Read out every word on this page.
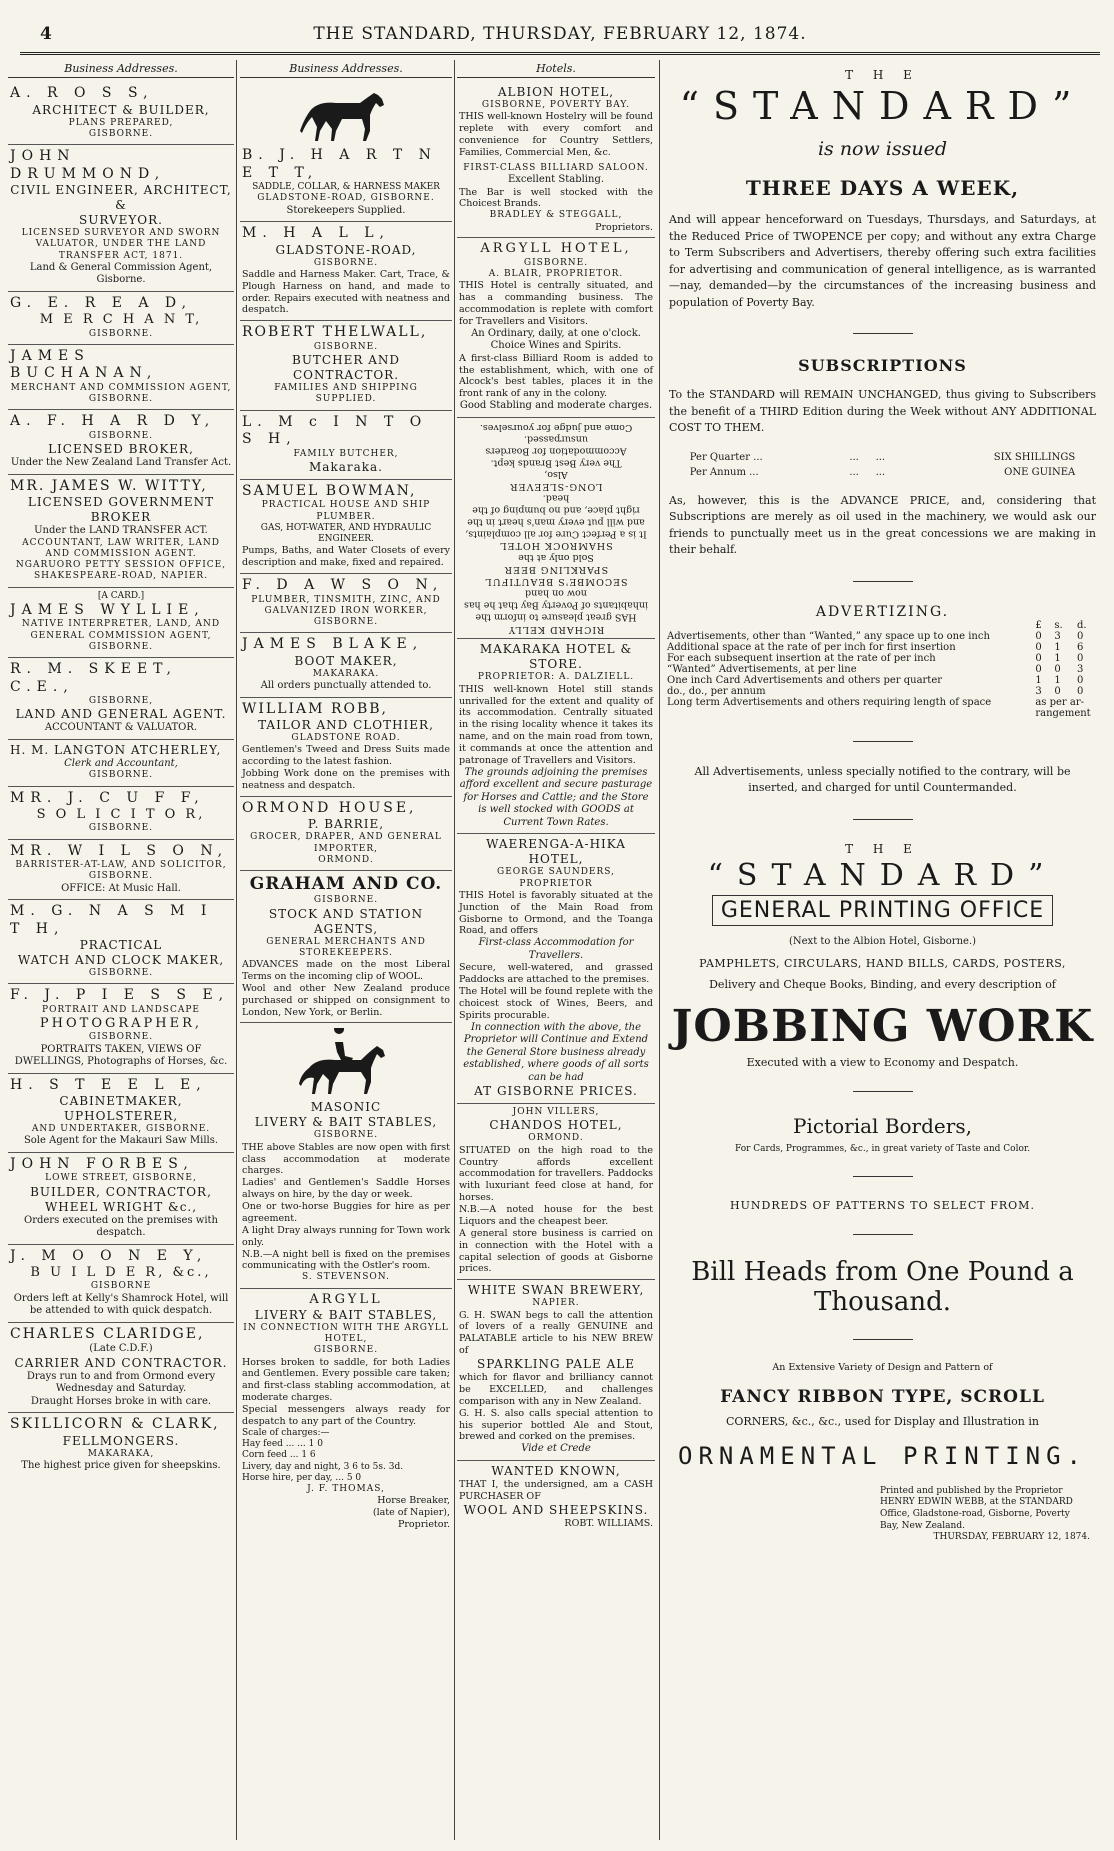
4	THE STANDARD, THURSDAY, FEBRUARY 12, 1874.
Business Addresses.
A. R O S S,
ARCHITECT & BUILDER,
PLANS PREPARED,
GISBORNE.
JOHN DRUMMOND,
CIVIL ENGINEER, ARCHITECT, &
SURVEYOR.
LICENSED SURVEYOR AND SWORN VALUATOR, UNDER THE LAND TRANSFER ACT, 1871.
Land & General Commission Agent, Gisborne.
G. E. R E A D,
M E R C H A N T,
GISBORNE.
JAMES BUCHANAN,
MERCHANT AND COMMISSION AGENT,
GISBORNE.
A. F. H A R D Y,
GISBORNE.
LICENSED BROKER,
Under the New Zealand Land Transfer Act.
MR. JAMES W. WITTY,
LICENSED GOVERNMENT BROKER
Under the LAND TRANSFER ACT.
ACCOUNTANT, LAW WRITER, LAND AND COMMISSION AGENT.
NGARUORO PETTY SESSION OFFICE,
SHAKESPEARE-ROAD, NAPIER.
[A CARD.]
JAMES WYLLIE,
NATIVE INTERPRETER, LAND, AND GENERAL COMMISSION AGENT,
GISBORNE.
R. M. SKEET, C.E.,
GISBORNE,
LAND AND GENERAL AGENT.
ACCOUNTANT & VALUATOR.
H. M. LANGTON ATCHERLEY,
Clerk and Accountant,
GISBORNE.
MR. J. C U F F,
S O L I C I T O R,
GISBORNE.
MR. W I L S O N,
BARRISTER-AT-LAW, AND SOLICITOR,
GISBORNE.
OFFICE: At Music Hall.
M. G. N A S M I T H,
PRACTICAL
WATCH AND CLOCK MAKER,
GISBORNE.
F. J. P I E S S E,
PORTRAIT AND LANDSCAPE
PHOTOGRAPHER,
GISBORNE.
PORTRAITS TAKEN, VIEWS OF DWELLINGS, Photographs of Horses, &c.
H. S T E E L E,
CABINETMAKER, UPHOLSTERER,
AND UNDERTAKER, GISBORNE.
Sole Agent for the Makauri Saw Mills.
JOHN FORBES,
LOWE STREET, GISBORNE,
BUILDER, CONTRACTOR, WHEEL WRIGHT &c.,
Orders executed on the premises with despatch.
J. M O O N E Y,
B U I L D E R, &c.,
GISBORNE
Orders left at Kelly's Shamrock Hotel, will be attended to with quick despatch.
CHARLES CLARIDGE,
(Late C.D.F.)
CARRIER AND CONTRACTOR.
Drays run to and from Ormond every Wednesday and Saturday.
Draught Horses broke in with care.
SKILLICORN & CLARK,
FELLMONGERS.
MAKARAKA,
The highest price given for sheepskins.
Business Addresses.
B. J. H A R T N E T T,
SADDLE, COLLAR, & HARNESS MAKER
GLADSTONE-ROAD, GISBORNE.
Storekeepers Supplied.
M. H A L L,
GLADSTONE-ROAD,
GISBORNE.
Saddle and Harness Maker. Cart, Trace, & Plough Harness on hand, and made to order. Repairs executed with neatness and despatch.
ROBERT THELWALL,
GISBORNE.
BUTCHER AND CONTRACTOR.
FAMILIES AND SHIPPING SUPPLIED.
L. M c I N T O S H,
FAMILY BUTCHER,
Makaraka.
SAMUEL BOWMAN,
PRACTICAL HOUSE AND SHIP PLUMBER.
GAS, HOT-WATER, AND HYDRAULIC ENGINEER.
Pumps, Baths, and Water Closets of every description and make, fixed and repaired.
F. D A W S O N,
PLUMBER, TINSMITH, ZINC, AND GALVANIZED IRON WORKER,
GISBORNE.
JAMES BLAKE,
BOOT MAKER,
MAKARAKA.
All orders punctually attended to.
WILLIAM ROBB,
TAILOR AND CLOTHIER,
GLADSTONE ROAD.
Gentlemen's Tweed and Dress Suits made according to the latest fashion.
Jobbing Work done on the premises with neatness and despatch.
ORMOND HOUSE,
P. BARRIE,
GROCER, DRAPER, AND GENERAL IMPORTER,
ORMOND.
GRAHAM AND CO.
GISBORNE.
STOCK AND STATION AGENTS,
GENERAL MERCHANTS AND STOREKEEPERS.
ADVANCES made on the most Liberal Terms on the incoming clip of WOOL.
Wool and other New Zealand produce purchased or shipped on consignment to London, New York, or Berlin.
MASONIC
LIVERY & BAIT STABLES,
GISBORNE.
THE above Stables are now open with first class accommodation at moderate charges.
Ladies' and Gentlemen's Saddle Horses always on hire, by the day or week.
One or two-horse Buggies for hire as per agreement.
A light Dray always running for Town work only.
N.B.—A night bell is fixed on the premises communicating with the Ostler's room.
S. STEVENSON.
ARGYLL
LIVERY & BAIT STABLES,
IN CONNECTION WITH THE ARGYLL HOTEL,
GISBORNE.
Horses broken to saddle, for both Ladies and Gentlemen. Every possible care taken; and first-class stabling accommodation, at moderate charges.
Special messengers always ready for despatch to any part of the Country.
Scale of charges:—
Hay feed ... ... 1 0
Corn feed ... 1 6
Livery, day and night, 3 6 to 5s. 3d.
Horse hire, per day, ... 5 0
J. F. THOMAS,
Horse Breaker,
(late of Napier),
Proprietor.
Hotels.
ALBION HOTEL,
GISBORNE, POVERTY BAY.
THIS well-known Hostelry will be found replete with every comfort and convenience for Country Settlers, Families, Commercial Men, &c.
FIRST-CLASS BILLIARD SALOON.
Excellent Stabling.
The Bar is well stocked with the Choicest Brands.
BRADLEY & STEGGALL,
Proprietors.
ARGYLL HOTEL,
GISBORNE.
A. BLAIR, PROPRIETOR.
THIS Hotel is centrally situated, and has a commanding business. The accommodation is replete with comfort for Travellers and Visitors.
An Ordinary, daily, at one o'clock.
Choice Wines and Spirits.
A first-class Billiard Room is added to the establishment, which, with one of Alcock's best tables, places it in the front rank of any in the colony.
Good Stabling and moderate charges.
Come and judge for yourselves.
The very Best Brands kept. Accommodation for Boarders unsurpassed.
Also,
LONG-SLEEVER
It is a Perfect Cure for all complaints, and will put every man's heart in the right place, and no bumping of the head.
SHAMROCK HOTEL
Sold only at the
SECOMBE'S BEAUTIFUL SPARKLING BEER
HAS great pleasure to inform the inhabitants of Poverty Bay that he has now on hand
RICHARD KELLY
MAKARAKA HOTEL & STORE.
PROPRIETOR: A. DALZIELL.
THIS well-known Hotel still stands unrivalled for the extent and quality of its accommodation. Centrally situated in the rising locality whence it takes its name, and on the main road from town, it commands at once the attention and patronage of Travellers and Visitors.
The grounds adjoining the premises afford excellent and secure pasturage for Horses and Cattle; and the Store is well stocked with GOODS at Current Town Rates.
WAERENGA-A-HIKA HOTEL,
GEORGE SAUNDERS, PROPRIETOR
THIS Hotel is favorably situated at the Junction of the Main Road from Gisborne to Ormond, and the Toanga Road, and offers
First-class Accommodation for Travellers.
Secure, well-watered, and grassed Paddocks are attached to the premises.
The Hotel will be found replete with the choicest stock of Wines, Beers, and Spirits procurable.
In connection with the above, the Proprietor will Continue and Extend the General Store business already established, where goods of all sorts can be had
AT GISBORNE PRICES.
JOHN VILLERS,
CHANDOS HOTEL,
ORMOND.
SITUATED on the high road to the Country affords excellent accommodation for travellers. Paddocks with luxuriant feed close at hand, for horses.
N.B.—A noted house for the best Liquors and the cheapest beer.
A general store business is carried on in connection with the Hotel with a capital selection of goods at Gisborne prices.
WHITE SWAN BREWERY,
NAPIER.
G. H. SWAN begs to call the attention of lovers of a really GENUINE and PALATABLE article to his NEW BREW of
SPARKLING PALE ALE
which for flavor and brilliancy cannot be EXCELLED, and challenges comparison with any in New Zealand.
G. H. S. also calls special attention to his superior bottled Ale and Stout, brewed and corked on the premises.
Vide et Crede
WANTED KNOWN,
THAT I, the undersigned, am a CASH PURCHASER OF
WOOL AND SHEEPSKINS.
ROBT. WILLIAMS.
T H E
“STANDARD”
is now issued
THREE DAYS A WEEK,
And will appear henceforward on Tuesdays, Thursdays, and Saturdays, at the Reduced Price of TWOPENCE per copy; and without any extra Charge to Term Subscribers and Advertisers, thereby offering such extra facilities for advertising and communication of general intelligence, as is warranted—nay, demanded—by the circumstances of the increasing business and population of Poverty Bay.
SUBSCRIPTIONS
To the STANDARD will REMAIN UNCHANGED, thus giving to Subscribers the benefit of a THIRD Edition during the Week without ANY ADDITIONAL COST TO THEM.
Per Quarter ...	...	...	SIX SHILLINGS
Per Annum ...	...	...	ONE GUINEA
As, however, this is the ADVANCE PRICE, and, considering that Subscriptions are merely as oil used in the machinery, we would ask our friends to punctually meet us in the great concessions we are making in their behalf.
ADVERTIZING.
	£	s.	d.
Advertisements, other than “Wanted,” any space up to one inch	0	3	0
Additional space at the rate of per inch for first insertion	0	1	6
For each subsequent insertion at the rate of per inch	0	1	0
“Wanted” Advertisements, at per line	0	0	3
One inch Card Advertisements and others per quarter	1	1	0
do., do., per annum	3	0	0
Long term Advertisements and others requiring length of space	as per ar-		
	rangement		
All Advertisements, unless specially notified to the contrary, will be inserted, and charged for until Countermanded.
T H E
“STANDARD”
GENERAL PRINTING OFFICE
(Next to the Albion Hotel, Gisborne.)
PAMPHLETS, CIRCULARS, HAND BILLS, CARDS, POSTERS,
Delivery and Cheque Books, Binding, and every description of
JOBBING WORK
Executed with a view to Economy and Despatch.
Pictorial Borders,
For Cards, Programmes, &c., in great variety of Taste and Color.
HUNDREDS OF PATTERNS TO SELECT FROM.
Bill Heads from One Pound a
Thousand.
An Extensive Variety of Design and Pattern of
FANCY RIBBON TYPE, SCROLL
CORNERS, &c., &c., used for Display and Illustration in
ORNAMENTAL PRINTING.
Printed and published by the Proprietor HENRY EDWIN WEBB, at the STANDARD Office, Gladstone-road, Gisborne, Poverty Bay, New Zealand.
THURSDAY, FEBRUARY 12, 1874.
